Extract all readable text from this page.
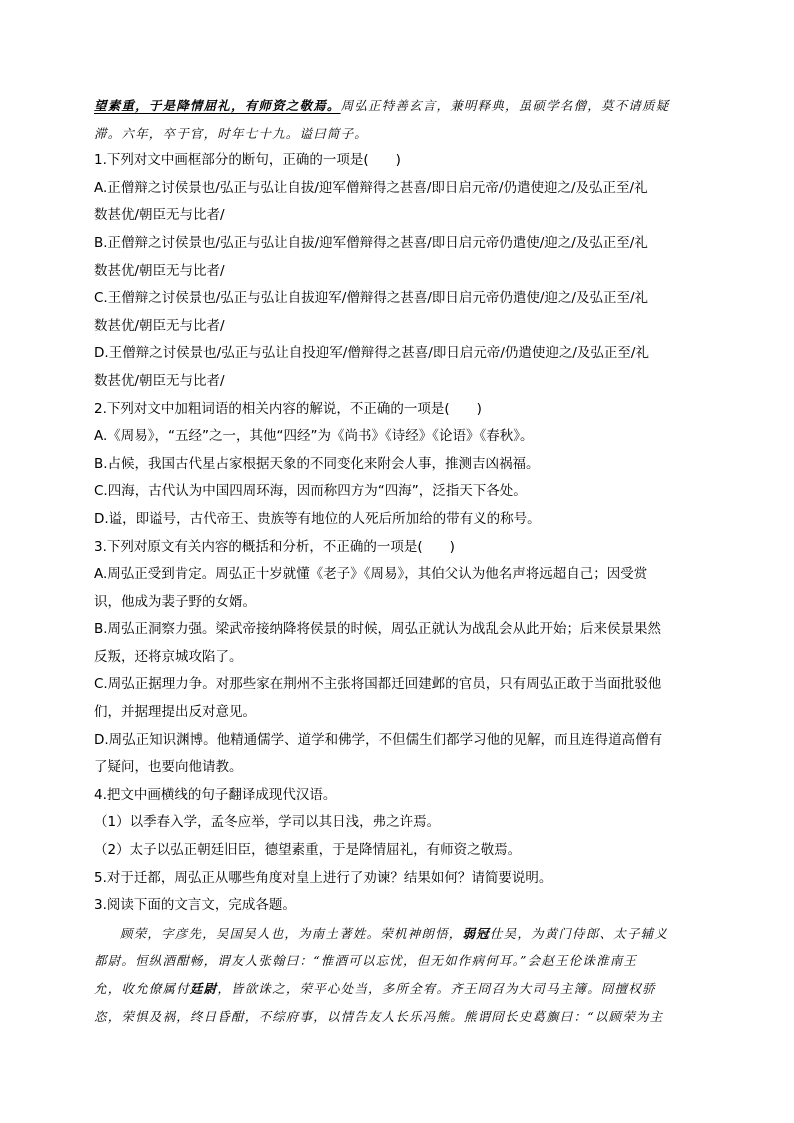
望素重，于是降情屈礼，有师资之敬焉。周弘正特善玄言，兼明释典，虽硕学名僧，莫不请质疑
滞。六年，卒于官，时年七十九。谥曰简子。
1.下列对文中画框部分的断句，正确的一项是(　　)
A.正僧辩之讨侯景也/弘正与弘让自拔/迎军僧辩得之甚喜/即日启元帝/仍遣使迎之/及弘正至/礼
数甚优/朝臣无与比者/
B.正僧辩之讨侯景也/弘正与弘让自拔/迎军僧辩得之甚喜/即日启元帝仍遣使/迎之/及弘正至/礼
数甚优/朝臣无与比者/
C.王僧辩之讨侯景也/弘正与弘让自拔迎军/僧辩得之甚喜/即日启元帝仍遣使/迎之/及弘正至/礼
数甚优/朝臣无与比者/
D.王僧辩之讨侯景也/弘正与弘让自投迎军/僧辩得之甚喜/即日启元帝/仍遣使迎之/及弘正至/礼
数甚优/朝臣无与比者/
2.下列对文中加粗词语的相关内容的解说，不正确的一项是(　　)
A.《周易》，“五经”之一，其他“四经”为《尚书》《诗经》《论语》《春秋》。
B.占候，我国古代星占家根据天象的不同变化来附会人事，推测吉凶祸福。
C.四海，古代认为中国四周环海，因而称四方为“四海”，泛指天下各处。
D.谥，即谥号，古代帝王、贵族等有地位的人死后所加给的带有义的称号。
3.下列对原文有关内容的概括和分析，不正确的一项是(　　)
A.周弘正受到肯定。周弘正十岁就懂《老子》《周易》，其伯父认为他名声将远超自己；因受赏
识，他成为裴子野的女婿。
B.周弘正洞察力强。梁武帝接纳降将侯景的时候，周弘正就认为战乱会从此开始；后来侯景果然
反叛，还将京城攻陷了。
C.周弘正据理力争。对那些家在荆州不主张将国都迁回建邺的官员，只有周弘正敢于当面批驳他
们，并据理提出反对意见。
D.周弘正知识渊博。他精通儒学、道学和佛学，不但儒生们都学习他的见解，而且连得道高僧有
了疑问，也要向他请教。
4.把文中画横线的句子翻译成现代汉语。
（1）以季春入学，孟冬应举，学司以其日浅，弗之许焉。
（2）太子以弘正朝廷旧臣，德望素重，于是降情屈礼，有师资之敬焉。
5.对于迁都，周弘正从哪些角度对皇上进行了劝谏？结果如何？请简要说明。
3.阅读下面的文言文，完成各题。
顾荣，字彦先，吴国吴人也，为南土著姓。荣机神朗悟，弱冠仕吴，为黄门侍郎、太子辅义
都尉。恒纵酒酣畅，谓友人张翰曰：“惟酒可以忘忧，但无如作病何耳。”会赵王伦诛淮南王
允，收允僚属付廷尉，皆欲诛之，荣平心处当，多所全宥。齐王冏召为大司马主簿。冏擅权骄
恣，荣惧及祸，终日昏酣，不综府事，以情告友人长乐冯熊。熊谓冏长史葛旟曰：“以顾荣为主
